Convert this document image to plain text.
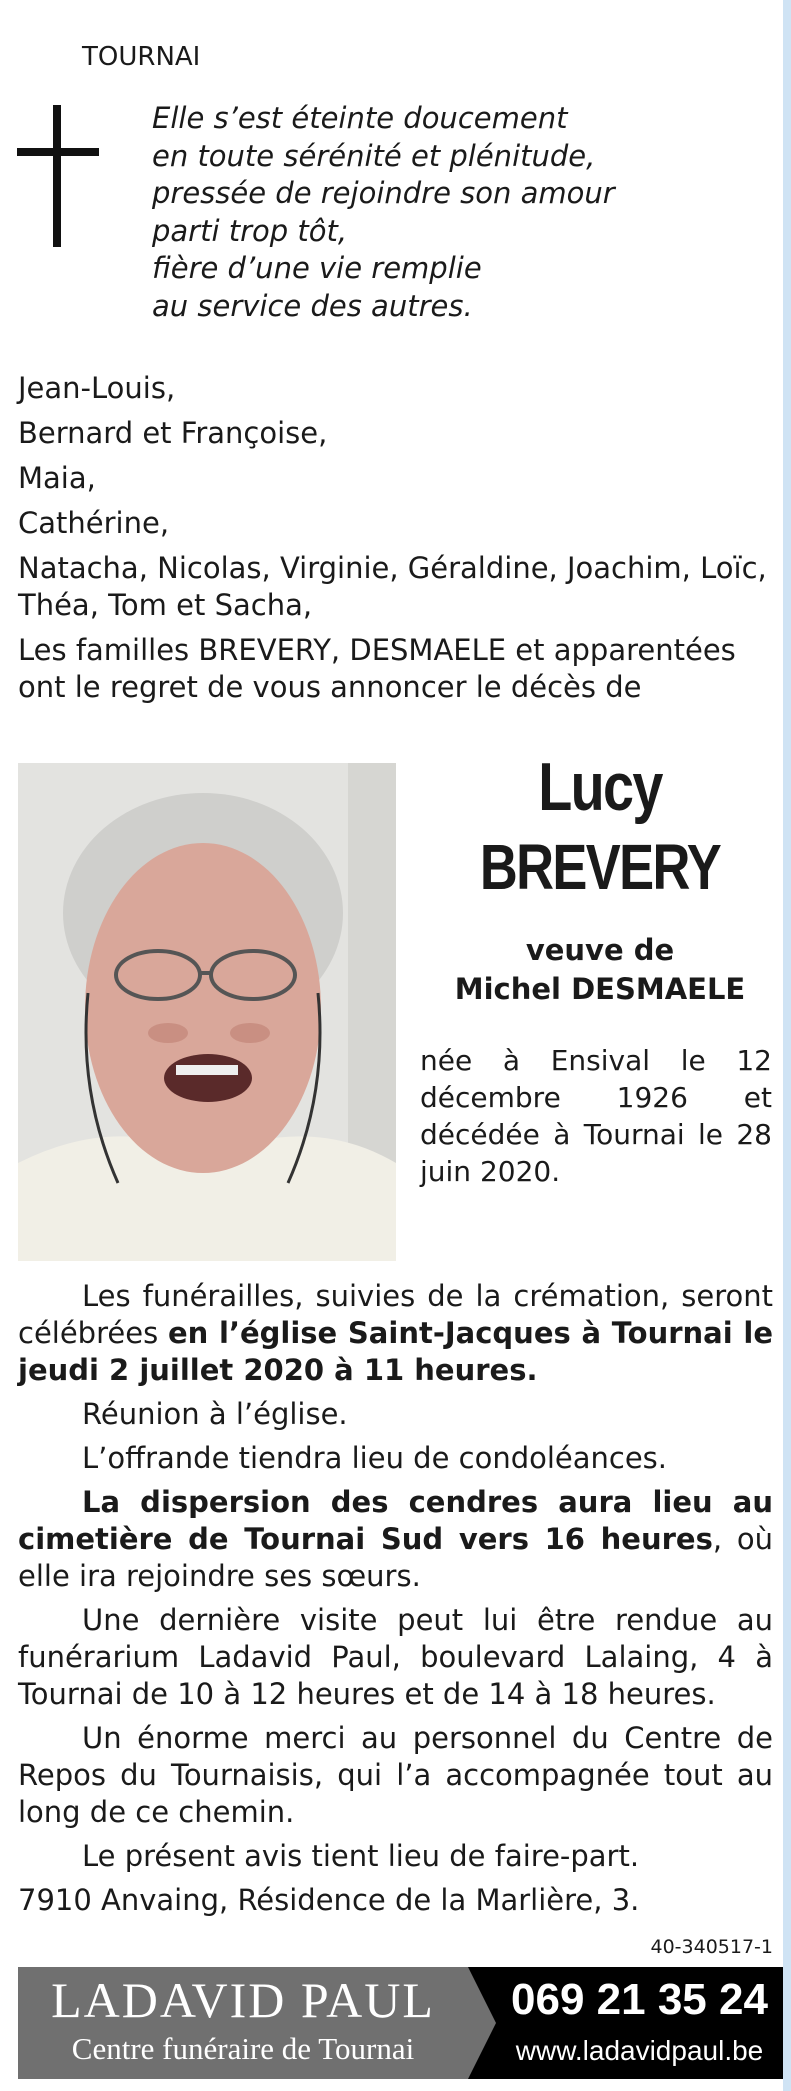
TOURNAI
Elle s’est éteinte doucement
en toute sérénité et plénitude,
pressée de rejoindre son amour
parti trop tôt,
fière d’une vie remplie
au service des autres.
Jean-Louis,
Bernard et Françoise,
Maia,
Cathérine,
Natacha, Nicolas, Virginie, Géraldine, Joachim, Loïc, Théa, Tom et Sacha,
Les familles BREVERY, DESMAELE et apparentées
ont le regret de vous annoncer le décès de
Lucy
BREVERY
veuve de
Michel DESMAELE
née à Ensival le 12 décembre 1926 et décédée à Tournai le 28 juin 2020.

Les funérailles, suivies de la crémation, seront célébrées en l’église Saint-Jacques à Tournai le jeudi 2 juillet 2020 à 11 heures.

Réunion à l’église.

L’offrande tiendra lieu de condoléances.

La dispersion des cendres aura lieu au cimetière de Tournai Sud vers 16 heures, où elle ira rejoindre ses sœurs.

Une dernière visite peut lui être rendue au funérarium Ladavid Paul, boulevard Lalaing, 4 à Tournai de 10 à 12 heures et de 14 à 18 heures.

Un énorme merci au personnel du Centre de Repos du Tournaisis, qui l’a accompagnée tout au long de ce chemin.

Le présent avis tient lieu de faire-part.

7910 Anvaing, Résidence de la Marlière, 3.

40-340517-1
LADAVID PAUL
Centre funéraire de Tournai
069 21 35 24
www.ladavidpaul.be
